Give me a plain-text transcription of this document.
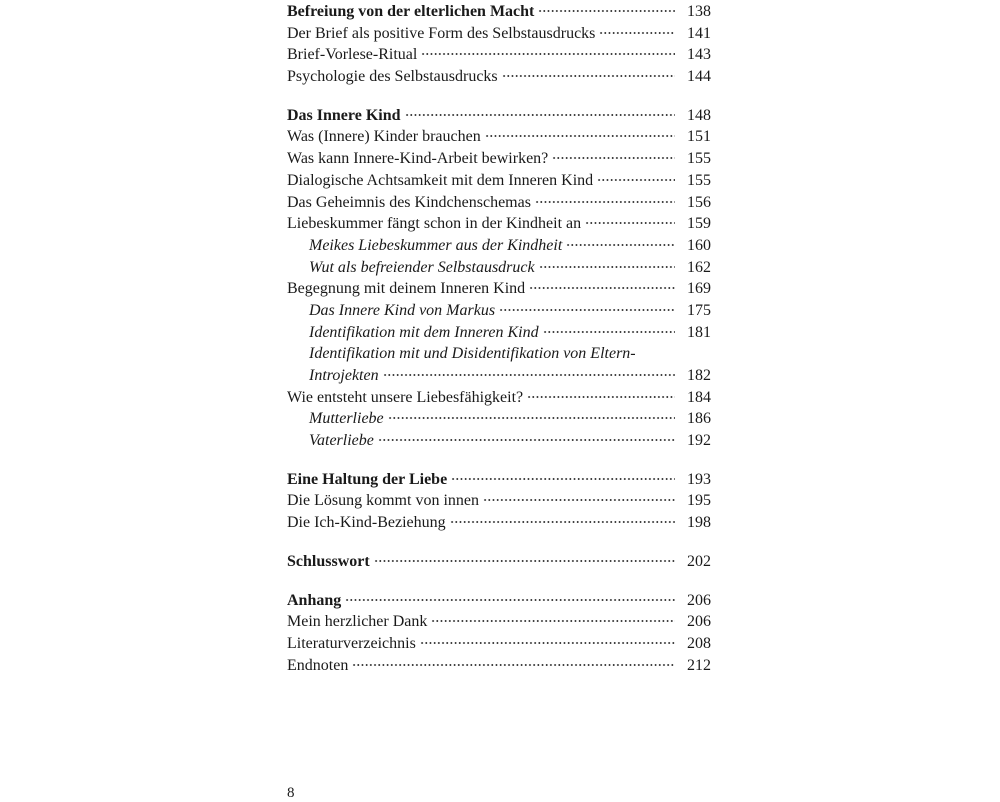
Befreiung von der elterlichen Macht	138
Der Brief als positive Form des Selbstausdrucks	141
Brief-Vorlese-Ritual	143
Psychologie des Selbstausdrucks	144
Das Innere Kind	148
Was (Innere) Kinder brauchen	151
Was kann Innere-Kind-Arbeit bewirken?	155
Dialogische Achtsamkeit mit dem Inneren Kind	155
Das Geheimnis des Kindchenschemas	156
Liebeskummer fängt schon in der Kindheit an	159
Meikes Liebeskummer aus der Kindheit	160
Wut als befreiender Selbstausdruck	162
Begegnung mit deinem Inneren Kind	169
Das Innere Kind von Markus	175
Identifikation mit dem Inneren Kind	181
Identifikation mit und Disidentifikation von Eltern-
Introjekten	182
Wie entsteht unsere Liebesfähigkeit?	184
Mutterliebe	186
Vaterliebe	192
Eine Haltung der Liebe	193
Die Lösung kommt von innen	195
Die Ich-Kind-Beziehung	198
Schlusswort	202
Anhang	206
Mein herzlicher Dank	206
Literaturverzeichnis	208
Endnoten	212
8
